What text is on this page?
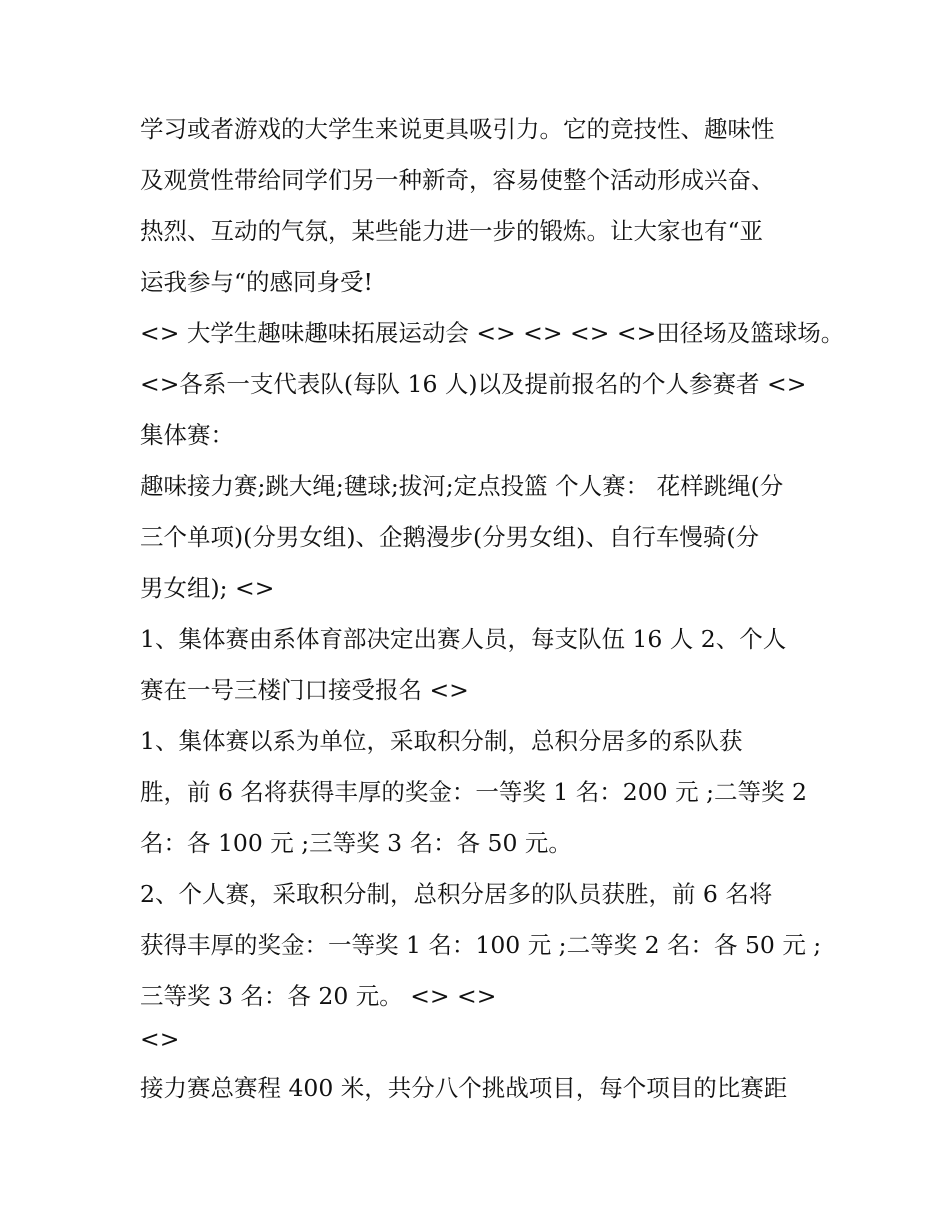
学习或者游戏的大学生来说更具吸引力。它的竞技性、趣味性

及观赏性带给同学们另一种新奇，容易使整个活动形成兴奋、

热烈、互动的气氛，某些能力进一步的锻炼。让大家也有“亚

运我参与“的感同身受!

<> 大学生趣味趣味拓展运动会 <> <> <> <>田径场及篮球场。

<>各系一支代表队(每队 16 人)以及提前报名的个人参赛者 <>

集体赛：

趣味接力赛;跳大绳;毽球;拔河;定点投篮 个人赛： 花样跳绳(分

三个单项)(分男女组)、企鹅漫步(分男女组)、自行车慢骑(分

男女组); <>

1、集体赛由系体育部决定出赛人员，每支队伍 16 人 2、个人

赛在一号三楼门口接受报名 <>

1、集体赛以系为单位，采取积分制，总积分居多的系队获

胜，前 6 名将获得丰厚的奖金：一等奖 1 名：200 元 ;二等奖 2

名：各 100 元 ;三等奖 3 名：各 50 元。

2、个人赛，采取积分制，总积分居多的队员获胜，前 6 名将

获得丰厚的奖金：一等奖 1 名：100 元 ;二等奖 2 名：各 50 元 ;

三等奖 3 名：各 20 元。 <> <>

<>

接力赛总赛程 400 米，共分八个挑战项目，每个项目的比赛距
